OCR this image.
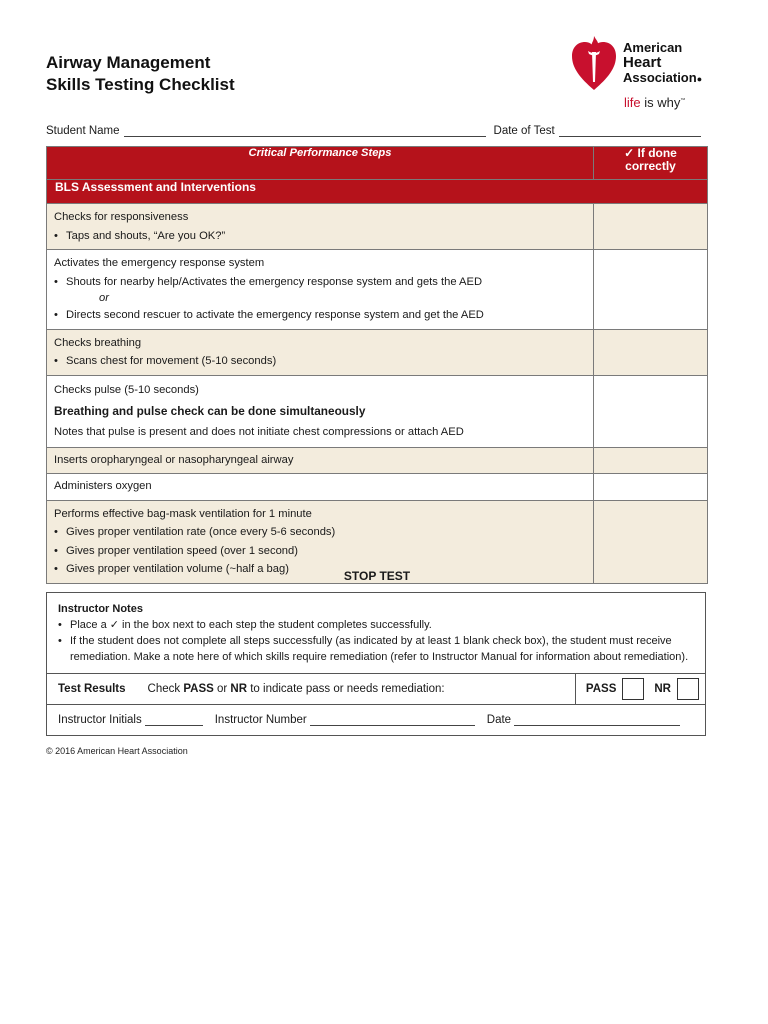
Airway Management
Skills Testing Checklist
American
Heart
Association●
life is why™
Student Name	Date of Test
Critical Performance Steps	✓ If done
correctly

BLS Assessment and Interventions	

Checks for responsiveness
• Taps and shouts, “Are you OK?”

Activates the emergency response system
• Shouts for nearby help/Activates the emergency response system and gets the AED
or
• Directs second rescuer to activate the emergency response system and get the AED

Checks breathing
• Scans chest for movement (5-10 seconds)

Checks pulse (5-10 seconds)
Breathing and pulse check can be done simultaneously
Notes that pulse is present and does not initiate chest compressions or attach AED	

Inserts oropharyngeal or nasopharyngeal airway	

Administers oxygen	

Performs effective bag-mask ventilation for 1 minute
• Gives proper ventilation rate (once every 5-6 seconds)
• Gives proper ventilation speed (over 1 second)
• Gives proper ventilation volume (~half a bag)
		STOP TEST
Instructor Notes
• Place a ✓ in the box next to each step the student completes successfully.
• If the student does not complete all steps successfully (as indicated by at least 1 blank check box), the student must receive remediation. Make a note here of which skills require remediation (refer to Instructor Manual for information about remediation).
Test Results Check PASS or NR to indicate pass or needs remediation:	PASS	NR
Instructor Initials	Instructor Number	Date
© 2016 American Heart Association
